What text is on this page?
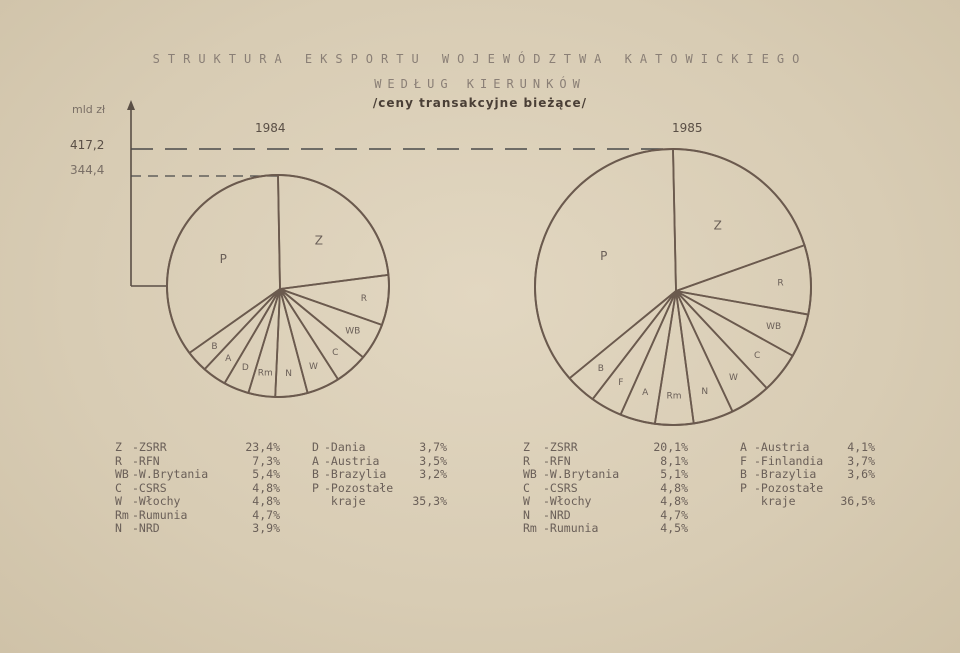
STRUKTURA EKSPORTU WOJEWÓDZTWA KATOWICKIEGO
WEDŁUG KIERUNKÓW
/ceny transakcyjne bieżące/
mld zł
417,2
344,4
1984	1985
Z
R
WB
C
W
N
Rm
D
A
B
P
Z
R
WB
C
W
N
Rm
A
F
B
P
Z -ZSRR	23,4%
R -RFN	7,3%
WB -W.Brytania	5,4%
C -CSRS	4,8%
W -Włochy	4,8%
Rm -Rumunia	4,7%
N -NRD	3,9%
D -Dania	3,7%
A -Austria	3,5%
B -Brazylia	3,2%
P -Pozostałe
kraje	35,3%
Z -ZSRR	20,1%
R -RFN	8,1%
WB -W.Brytania	5,1%
C -CSRS	4,8%
W -Włochy	4,8%
N -NRD	4,7%
Rm -Rumunia	4,5%
A -Austria	4,1%
F -Finlandia	3,7%
B -Brazylia	3,6%
P -Pozostałe
kraje	36,5%
